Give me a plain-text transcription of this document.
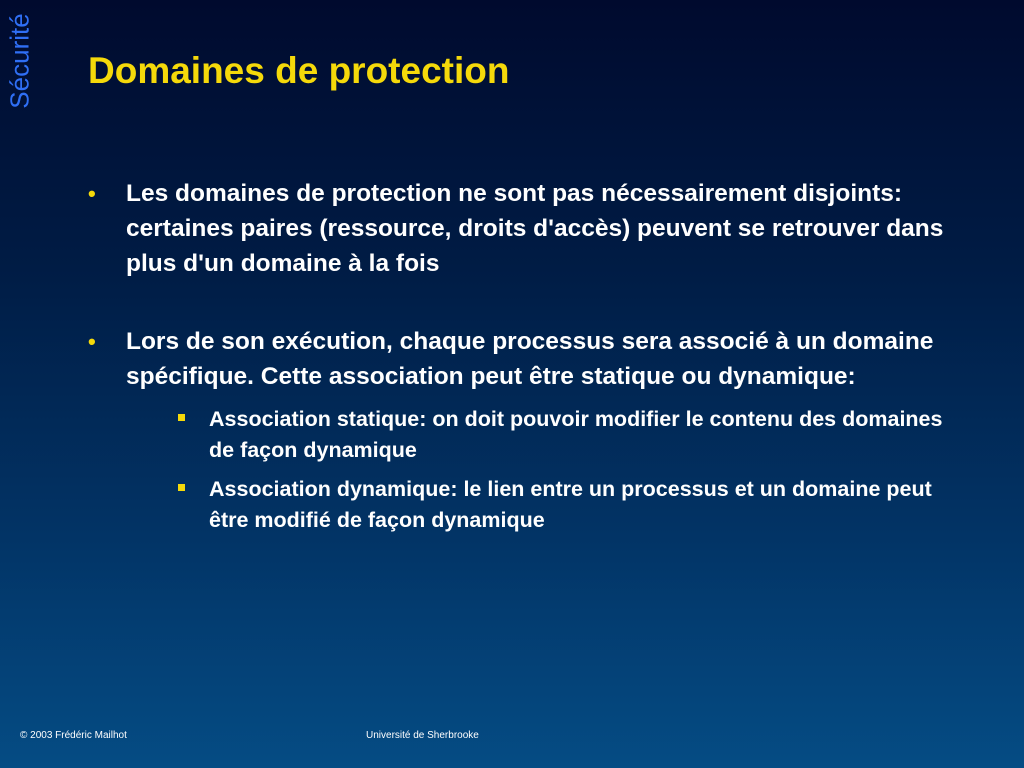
Sécurité Domaines de protection
• Les domaines de protection ne sont pas nécessairement disjoints: certaines paires (ressource, droits d'accès) peuvent se retrouver dans plus d'un domaine à la fois
• Lors de son exécution, chaque processus sera associé à un domaine spécifique. Cette association peut être statique ou dynamique:
Association statique: on doit pouvoir modifier le contenu des domaines de façon dynamique
Association dynamique: le lien entre un processus et un domaine peut être modifié de façon dynamique
© 2003 Frédéric Mailhot	Université de Sherbrooke
